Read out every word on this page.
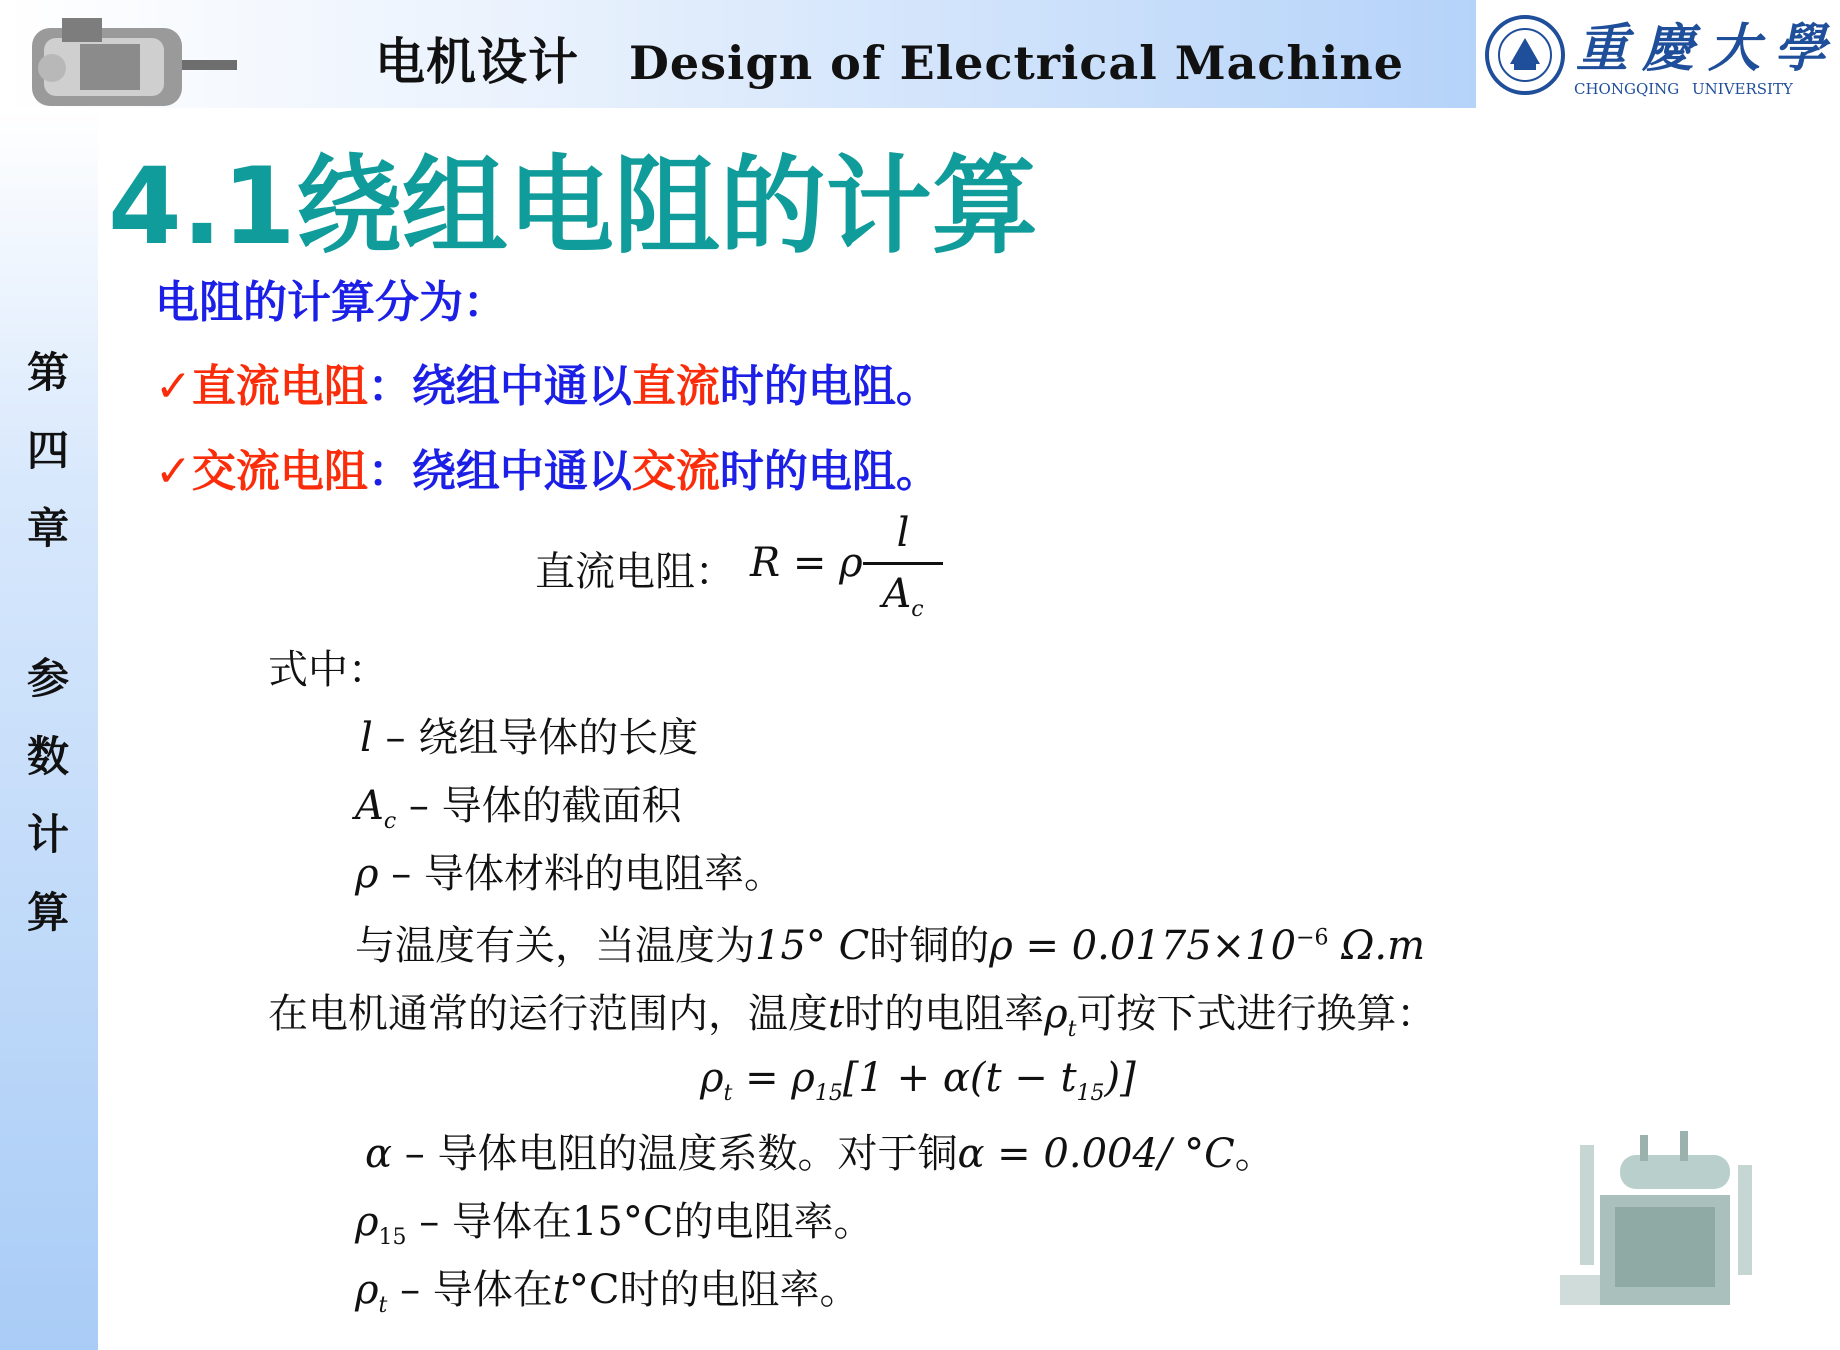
电机设计 Design of Electrical Machine	重慶大學
CHONGQING UNIVERSITY
第
四
章
参
数
计
算
4.1绕组电阻的计算
电阻的计算分为：
✓直流电阻：绕组中通以直流时的电阻。
✓交流电阻：绕组中通以交流时的电阻。
直流电阻： R = ρ
l
$A_c$
式中：
l – 绕组导体的长度
$A_c$ – 导体的截面积
ρ – 导体材料的电阻率。
与温度有关，当温度为15° C时铜的$\rho = 0.0175\times 10^{-6}$ Ω.m
在电机通常的运行范围内，温度t时的电阻率$\rho_t$可按下式进行换算：
$\rho_t = \rho_{15}[1 + \alpha(t - t_{15})]$
α – 导体电阻的温度系数。对于铜α = 0.004/ °C。
$\rho_{15}$ – 导体在15°C的电阻率。
$\rho_t$ – 导体在t°C时的电阻率。
